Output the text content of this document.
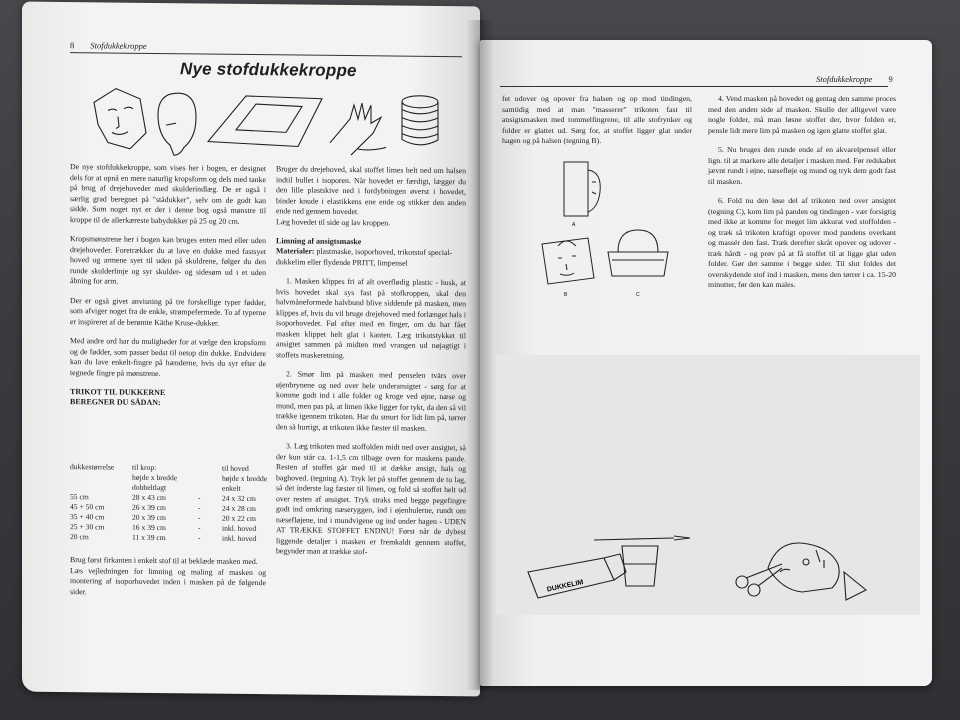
8 Stofdukkekroppe
Nye stofdukkekroppe

De nye stofdukkekroppe, som vises her i bogen, er designet dels for at opnå en mere naturlig kropsform og dels med tanke på brug af drejehoveder med skulderindlæg. De er også i særlig grad beregnet på "stådukker", selv om de godt kan sidde. Som noget nyt er der i denne bog også mønstre til kroppe til de allerkæreste babydukker på 25 og 20 cm.

Kropsmønstrene her i bogen kan bruges enten med eller uden drejehoveder. Foretrækker du at lave en dukke med fastsyet hoved og armene syet til uden på skuldrene, følger du den runde skulderlinje og syr skulder- og sidesøm ud i et uden åbning for arm.

Der er også givet anvisning på tre forskellige typer fødder, som afviger noget fra de enkle, strømpefermede. To af typerne er inspireret af de berømte Käthe Kruse-dukker.

Med andre ord har du muligheder for at vælge den kropsform og de fødder, som passer bedst til netop din dukke. Endvidere kan du lave enkelt-fingre på hænderne, hvis du syr efter de tegnede fingre på mønstrene.

TRIKOT TIL DUKKERNE
BEREGNER DU SÅDAN:
dukkestørrelse	til krop:	til hoved
højde x bredde	højde x bredde
dobbeltlagt	enkelt
55 cm	28 x 43 cm	-	24 x 32 cm
45 + 50 cm	26 x 39 cm	-	24 x 28 cm
35 + 40 cm	20 x 39 cm	-	20 x 22 cm
25 + 30 cm	16 x 39 cm	-	inkl. hoved
20 cm	11 x 39 cm	-	inkl. hoved

Brug først firkanten i enkelt stof til at beklæde masken med.

Læs vejledningen for limning og maling af masken og montering af isoporhovedet inden i masken på de følgende sider.

Bruger du drejehoved, skal stoffet limes helt ned om halsen indtil hullet i isoporen. Når hovedet er færdigt, lægger du den lille plastskive ned i fordybningen øverst i hovedet, binder knude i elastikkens ene ende og stikker den anden ende ned gennem hovedet.

Læg hovedet til side og lav kroppen.

Limning af ansigtsmaske

Materialer: plastmaske, isoporhoved, trikotstof special-dukkelim eller flydende PRITT, limpensel

1. Masken klippes fri af alt overflødig plastic - husk, at hvis hovedet skal sys fast på stofkroppen, skal den halvmåneformede halvbund blive siddende på masken, men klippes af, hvis du vil bruge drejehoved med forlænget hals i isoporhovedet. Føl efter med en finger, om du har fået masken klippet helt glat i kanten. Læg trikotstykket til ansigtet sammen på midten med vrangen ud nøjagtigt i stoffets maskeretning.

2. Smør lim på masken med penselen tvärs over øjenbrynene og ned over hele underansigtet - sørg for at komme godt ind i alle folder og kroge ved øjne, næse og mund, men pas på, at limen ikke ligger for tykt, da den så vil trække igennem trikoten. Har du smurt for lidt lim på, tørrer den så hurtigt, at trikoten ikke fæster til masken.

3. Læg trikoten med stoffolden midt ned over ansigtet, så der kun står ca. 1-1,5 cm tilbage oven for maskens pande. Resten af stoffet går med til at dække ansigt, hals og baghoved. (tegning A). Tryk let på stoffet gennem de to lag, så det inderste lag fæster til limen, og fold så stoffet helt ud over resten af ansigtet. Tryk straks med begge pegefingre godt ind omkring næseryggen, ind i øjenhulerne, rundt om næsefløjene, ind i mundvigene og ind under hagen - UDEN AT TRÆKKE STOFFET ENDNU! Først når de dybest liggende detaljer i masken er fremkaldt gennem stoffet, begynder man at trække stof-

Stofdukkekroppe 9

fet udover og opover fra halsen og op mod tindingen, samtidig med at man "masserer" trikoten fast til ansigtsmasken med tommelfingrene, til alle stofrynker og folder er glattet ud. Sørg for, at stoffet ligger glat under hagen og på halsen (tegning B).

A
B	C

4. Vend masken på hovedet og gentag den samme proces med den anden side af masken. Skulle der alligevel være nogle folder, må man løsne stoffet der, hvor folden er, pensle lidt mere lim på masken og igen glatte stoffet glat.

5. Nu bruges den runde ende af en akvarelpensel eller lign. til at markere alle detaljer i masken med. Før redskabet jævnt rundt i øjne, næsefløje og mund og tryk dem godt fast til masken.

6. Fold nu den løse del af trikoten ned over ansigtet (tegning C), kom lim på panden og tindingen - vær forsigtig med ikke at komme for meget lim akkurat ved stoffolden - og træk så trikoten kraftigt opover mod pandens overkant og massér den fast. Træk derefter skråt opover og udover - træk hårdt - og prøv på at få stoffet til at ligge glat uden folder. Gør det samme i begge sider. Til slut foldes det overskydende stof ind i masken, mens den tørrer i ca. 15-20 minutter, før den kan males.

DUKKELIM
